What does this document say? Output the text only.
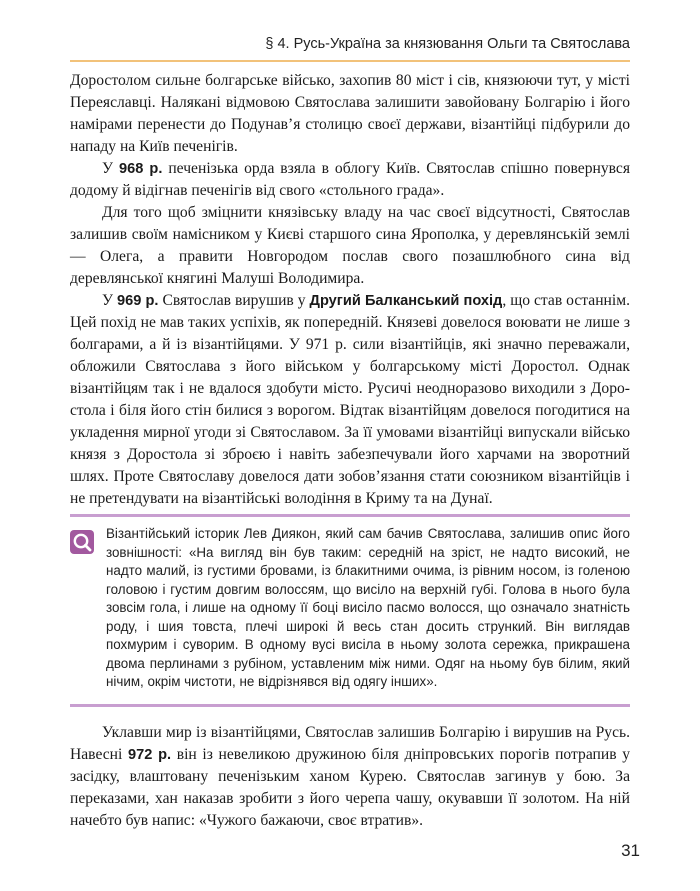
§ 4. Русь-Україна за князювання Ольги та Святослава

Доростолом сильне болгарське військо, захопив 80 міст і сів, князюючи тут, у місті Переяславці. Налякані відмовою Святослава залишити завойовану Болгарію і його намірами перенести до Подунав’я столицю своєї держави, візантійці підбурили до нападу на Київ печенігів.

У 968 р. печенізька орда взяла в облогу Київ. Святослав спішно повернувся додому й відігнав печенігів від свого «стольного града».

Для того щоб зміцнити князівську владу на час своєї відсутності, Святослав залишив своїм намісником у Києві старшого сина Ярополка, у деревлянській землі — Олега, а правити Новгородом послав свого позашлюбного сина від деревлянської княгині Малуші Володимира.

У 969 р. Святослав вирушив у Другий Балканський похід, що став останнім. Цей похід не мав таких успіхів, як попередній. Князеві довелося воювати не лише з болгарами, а й із візантійцями. У 971 р. сили візантійців, які значно переважали, обложили Святослава з його військом у болгарському місті Доростол. Однак візантійцям так і не вдалося здобути місто. Русичі неодноразово виходили з Доростола і біля його стін билися з ворогом. Відтак візантійцям довелося погодитися на укладення мирної угоди зі Святославом. За її умовами візантійці випускали військо князя з Доростола зі зброєю і навіть забезпечували його харчами на зворотний шлях. Проте Святославу довелося дати зобов’язання стати союзником візантійців і не претендувати на візантійські володіння в Криму та на Дунаї.

Візантійський історик Лев Диякон, який сам бачив Святослава, залишив опис його зовнішності: «На вигляд він був таким: середній на зріст, не надто високий, не надто малий, із густими бровами, із блакитними очима, із рівним носом, із голеною головою і густим довгим волоссям, що висіло на верхній губі. Голова в нього була зовсім гола, і лише на одному її боці висіло пасмо волосся, що означало знатність роду, і шия товста, плечі широкі й весь стан досить стрункий. Він виглядав похмурим і суворим. В одному вусі висіла в ньому золота сережка, прикрашена двома перлинами з рубіном, уставленим між ними. Одяг на ньому був білим, який нічим, окрім чистоти, не відрізнявся від одягу інших».

Уклавши мир із візантійцями, Святослав залишив Болгарію і вирушив на Русь. Навесні 972 р. він із невеликою дружиною біля дніпровських порогів потрапив у засідку, влаштовану печенізьким ханом Курею. Святослав загинув у бою. За переказами, хан наказав зробити з його черепа чашу, окувавши її золотом. На ній начебто був напис: «Чужого бажаючи, своє втратив».

31
